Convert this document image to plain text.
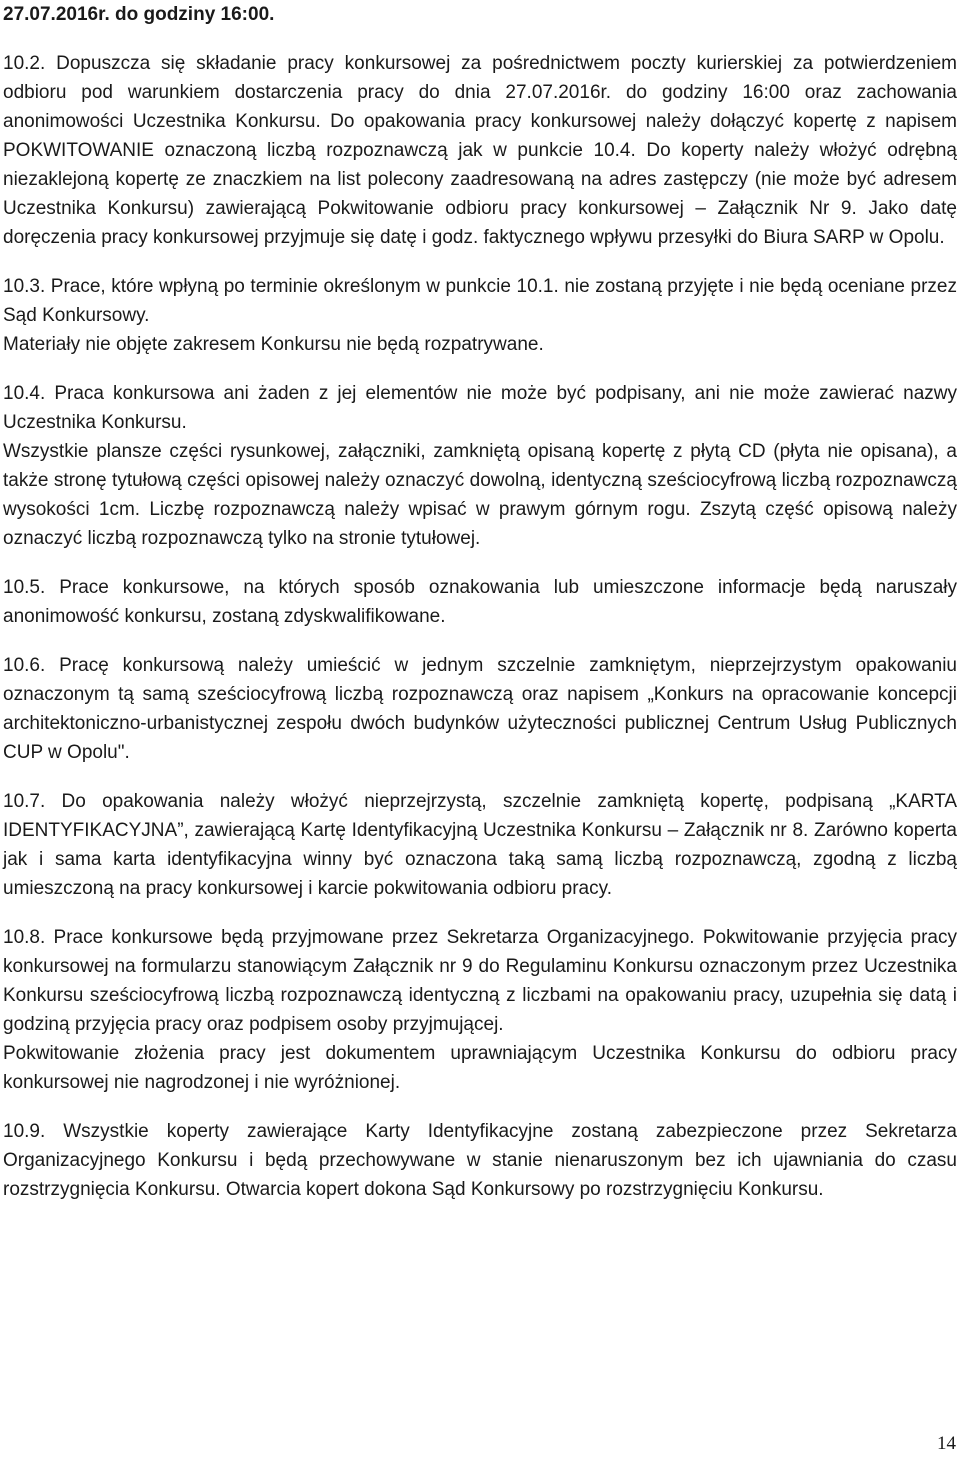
27.07.2016r. do godziny 16:00.

10.2. Dopuszcza się składanie pracy konkursowej za pośrednictwem poczty kurierskiej za potwierdzeniem odbioru pod warunkiem dostarczenia pracy do dnia 27.07.2016r. do godziny 16:00 oraz zachowania anonimowości Uczestnika Konkursu. Do opakowania pracy konkursowej należy dołączyć kopertę z napisem POKWITOWANIE oznaczoną liczbą rozpoznawczą jak w punkcie 10.4. Do koperty należy włożyć odrębną niezaklejoną kopertę ze znaczkiem na list polecony zaadresowaną na adres zastępczy (nie może być adresem Uczestnika Konkursu) zawierającą Pokwitowanie odbioru pracy konkursowej – Załącznik Nr 9. Jako datę doręczenia pracy konkursowej przyjmuje się datę i godz. faktycznego wpływu przesyłki do Biura SARP w Opolu.

10.3. Prace, które wpłyną po terminie określonym w punkcie 10.1. nie zostaną przyjęte i nie będą oceniane przez Sąd Konkursowy.

Materiały nie objęte zakresem Konkursu nie będą rozpatrywane.

10.4. Praca konkursowa ani żaden z jej elementów nie może być podpisany, ani nie może zawierać nazwy Uczestnika Konkursu.

Wszystkie plansze części rysunkowej, załączniki, zamkniętą opisaną kopertę z płytą CD (płyta nie opisana), a także stronę tytułową części opisowej należy oznaczyć dowolną, identyczną sześciocyfrową liczbą rozpoznawczą wysokości 1cm. Liczbę rozpoznawczą należy wpisać w prawym górnym rogu. Zszytą część opisową należy oznaczyć liczbą rozpoznawczą tylko na stronie tytułowej.

10.5. Prace konkursowe, na których sposób oznakowania lub umieszczone informacje będą naruszały anonimowość konkursu, zostaną zdyskwalifikowane.

10.6. Pracę konkursową należy umieścić w jednym szczelnie zamkniętym, nieprzejrzystym opakowaniu oznaczonym tą samą sześciocyfrową liczbą rozpoznawczą oraz napisem „Konkurs na opracowanie koncepcji architektoniczno-urbanistycznej zespołu dwóch budynków użyteczności publicznej Centrum Usług Publicznych CUP w Opolu".

10.7. Do opakowania należy włożyć nieprzejrzystą, szczelnie zamkniętą kopertę, podpisaną „KARTA IDENTYFIKACYJNA”, zawierającą Kartę Identyfikacyjną Uczestnika Konkursu – Załącznik nr 8. Zarówno koperta jak i sama karta identyfikacyjna winny być oznaczona taką samą liczbą rozpoznawczą, zgodną z liczbą umieszczoną na pracy konkursowej i karcie pokwitowania odbioru pracy.

10.8. Prace konkursowe będą przyjmowane przez Sekretarza Organizacyjnego. Pokwitowanie przyjęcia pracy konkursowej na formularzu stanowiącym Załącznik nr 9 do Regulaminu Konkursu oznaczonym przez Uczestnika Konkursu sześciocyfrową liczbą rozpoznawczą identyczną z liczbami na opakowaniu pracy, uzupełnia się datą i godziną przyjęcia pracy oraz podpisem osoby przyjmującej.

Pokwitowanie złożenia pracy jest dokumentem uprawniającym Uczestnika Konkursu do odbioru pracy konkursowej nie nagrodzonej i nie wyróżnionej.

10.9. Wszystkie koperty zawierające Karty Identyfikacyjne zostaną zabezpieczone przez Sekretarza Organizacyjnego Konkursu i będą przechowywane w stanie nienaruszonym bez ich ujawniania do czasu rozstrzygnięcia Konkursu. Otwarcia kopert dokona Sąd Konkursowy po rozstrzygnięciu Konkursu.

14
